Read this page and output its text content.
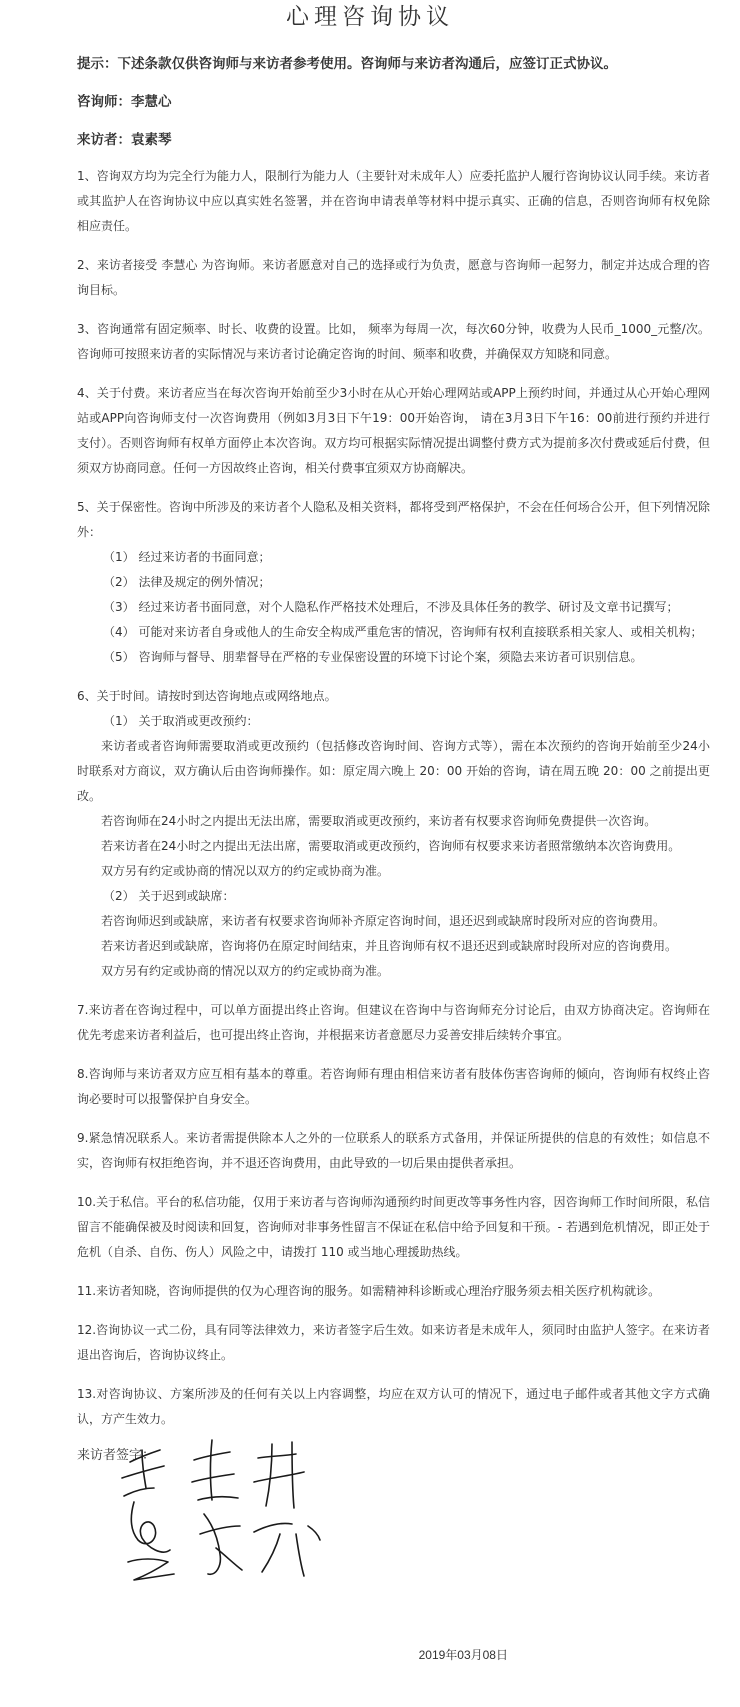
心理咨询协议
提示：下述条款仅供咨询师与来访者参考使用。咨询师与来访者沟通后，应签订正式协议。
咨询师：李慧心
来访者：袁素琴

1、咨询双方均为完全行为能力人，限制行为能力人（主要针对未成年人）应委托监护人履行咨询协议认同手续。来访者或其监护人在咨询协议中应以真实姓名签署，并在咨询申请表单等材料中提示真实、正确的信息，否则咨询师有权免除相应责任。

2、来访者接受 李慧心 为咨询师。来访者愿意对自己的选择或行为负责，愿意与咨询师一起努力，制定并达成合理的咨询目标。

3、咨询通常有固定频率、时长、收费的设置。比如， 频率为每周一次，每次60分钟，收费为人民币_1000_元整/次。咨询师可按照来访者的实际情况与来访者讨论确定咨询的时间、频率和收费，并确保双方知晓和同意。

4、关于付费。来访者应当在每次咨询开始前至少3小时在从心开始心理网站或APP上预约时间，并通过从心开始心理网站或APP向咨询师支付一次咨询费用（例如3月3日下午19：00开始咨询， 请在3月3日下午16：00前进行预约并进行支付）。否则咨询师有权单方面停止本次咨询。双方均可根据实际情况提出调整付费方式为提前多次付费或延后付费，但须双方协商同意。任何一方因故终止咨询，相关付费事宜须双方协商解决。

5、关于保密性。咨询中所涉及的来访者个人隐私及相关资料，都将受到严格保护，不会在任何场合公开，但下列情况除外：

（1） 经过来访者的书面同意；

（2） 法律及规定的例外情况；

（3） 经过来访者书面同意，对个人隐私作严格技术处理后，不涉及具体任务的教学、研讨及文章书记撰写；

（4） 可能对来访者自身或他人的生命安全构成严重危害的情况，咨询师有权利直接联系相关家人、或相关机构；

（5） 咨询师与督导、朋辈督导在严格的专业保密设置的环境下讨论个案，须隐去来访者可识别信息。

6、关于时间。请按时到达咨询地点或网络地点。

（1） 关于取消或更改预约：

来访者或者咨询师需要取消或更改预约（包括修改咨询时间、咨询方式等），需在本次预约的咨询开始前至少24小时联系对方商议，双方确认后由咨询师操作。如：原定周六晚上 20：00 开始的咨询，请在周五晚 20：00 之前提出更改。

若咨询师在24小时之内提出无法出席，需要取消或更改预约，来访者有权要求咨询师免费提供一次咨询。

若来访者在24小时之内提出无法出席，需要取消或更改预约，咨询师有权要求来访者照常缴纳本次咨询费用。

双方另有约定或协商的情况以双方的约定或协商为准。

（2） 关于迟到或缺席：

若咨询师迟到或缺席，来访者有权要求咨询师补齐原定咨询时间，退还迟到或缺席时段所对应的咨询费用。

若来访者迟到或缺席，咨询将仍在原定时间结束，并且咨询师有权不退还迟到或缺席时段所对应的咨询费用。

双方另有约定或协商的情况以双方的约定或协商为准。

7.来访者在咨询过程中，可以单方面提出终止咨询。但建议在咨询中与咨询师充分讨论后，由双方协商决定。咨询师在优先考虑来访者利益后，也可提出终止咨询，并根据来访者意愿尽力妥善安排后续转介事宜。

8.咨询师与来访者双方应互相有基本的尊重。若咨询师有理由相信来访者有肢体伤害咨询师的倾向，咨询师有权终止咨询必要时可以报警保护自身安全。

9.紧急情况联系人。来访者需提供除本人之外的一位联系人的联系方式备用，并保证所提供的信息的有效性；如信息不实，咨询师有权拒绝咨询，并不退还咨询费用，由此导致的一切后果由提供者承担。

10.关于私信。平台的私信功能，仅用于来访者与咨询师沟通预约时间更改等事务性内容，因咨询师工作时间所限，私信留言不能确保被及时阅读和回复，咨询师对非事务性留言不保证在私信中给予回复和干预。- 若遇到危机情况，即正处于危机（自杀、自伤、伤人）风险之中，请拨打 110 或当地心理援助热线。

11.来访者知晓，咨询师提供的仅为心理咨询的服务。如需精神科诊断或心理治疗服务须去相关医疗机构就诊。

12.咨询协议一式二份，具有同等法律效力，来访者签字后生效。如来访者是未成年人，须同时由监护人签字。在来访者退出咨询后，咨询协议终止。

13.对咨询协议、方案所涉及的任何有关以上内容调整，均应在双方认可的情况下，通过电子邮件或者其他文字方式确认，方产生效力。

来访者签字：
2019年03月08日
